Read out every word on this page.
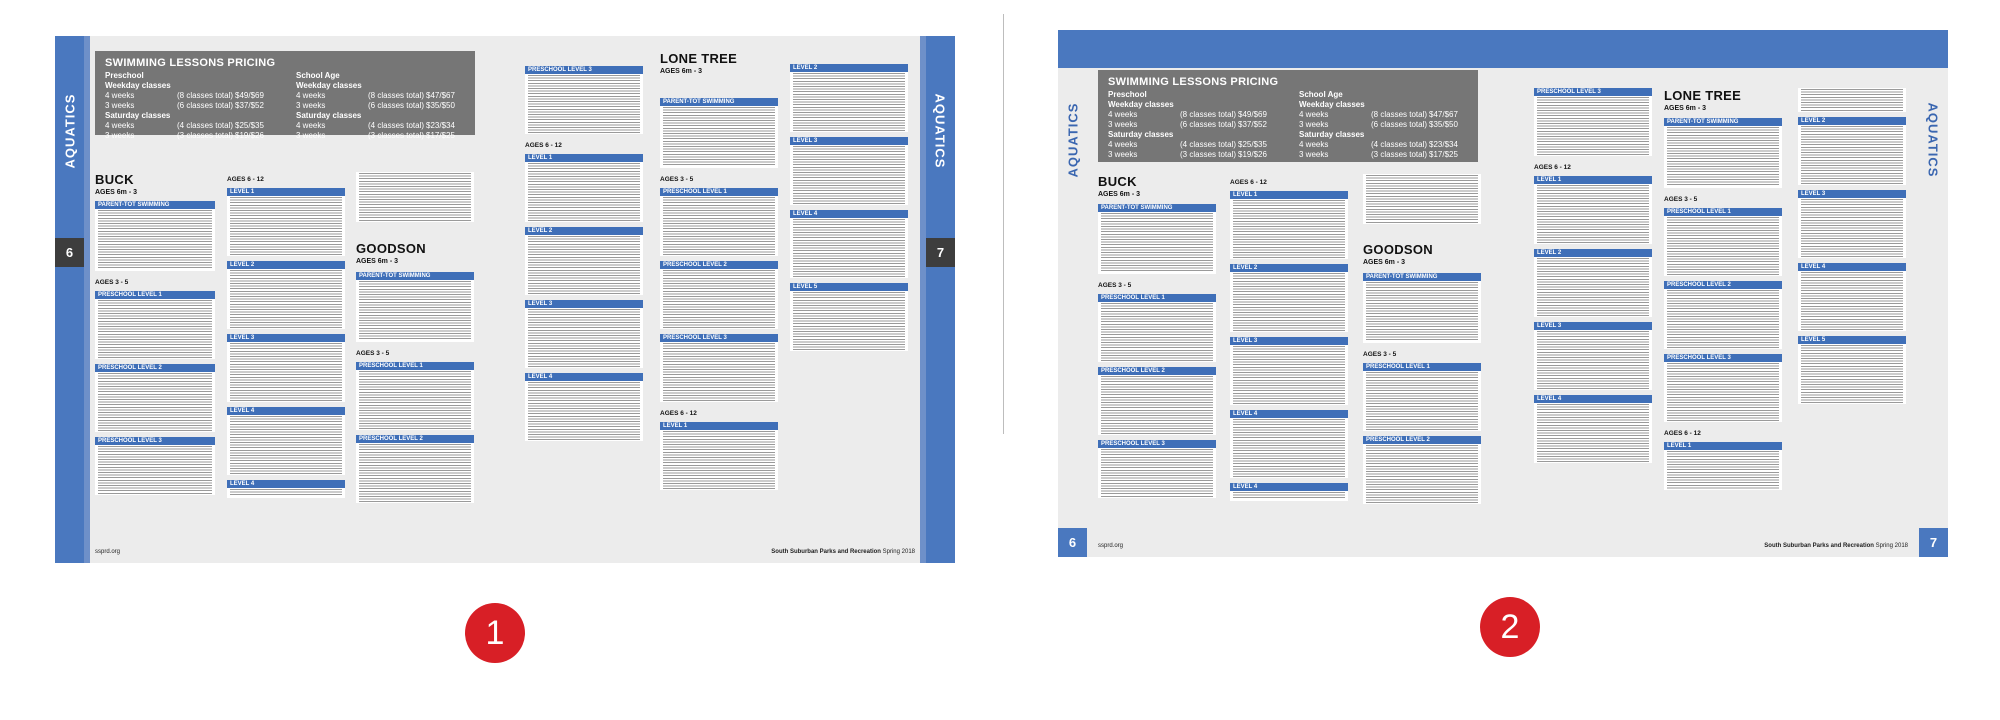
AQUATICS
6
AQUATICS
7
SWIMMING LESSONS PRICING
Preschool
Weekday classes
4 weeks	(8 classes total) $49/$69
3 weeks	(6 classes total) $37/$52
Saturday classes
4 weeks	(4 classes total) $25/$35
3 weeks	(3 classes total) $19/$26
School Age
Weekday classes
4 weeks	(8 classes total) $47/$67
3 weeks	(6 classes total) $35/$50
Saturday classes
4 weeks	(4 classes total) $23/$34
3 weeks	(3 classes total) $17/$25
BUCK
AGES 6m - 3
GOODSON
AGES 6m - 3
LONE TREE
AGES 6m - 3
PARENT-TOT SWIMMING
AGES 3 - 5
PRESCHOOL LEVEL 1
PRESCHOOL LEVEL 2
PRESCHOOL LEVEL 3
AGES 6 - 12
LEVEL 1
LEVEL 2
LEVEL 3
LEVEL 4
LEVEL 4
PARENT-TOT SWIMMING
AGES 3 - 5
PRESCHOOL LEVEL 1
PRESCHOOL LEVEL 2
PRESCHOOL LEVEL 3
AGES 6 - 12
LEVEL 1
LEVEL 2
LEVEL 3
LEVEL 4
PARENT-TOT SWIMMING
AGES 3 - 5
PRESCHOOL LEVEL 1
PRESCHOOL LEVEL 2
PRESCHOOL LEVEL 3
AGES 6 - 12
LEVEL 1
LEVEL 2
LEVEL 3
LEVEL 4
LEVEL 5
ssprd.org	South Suburban Parks and Recreation Spring 2018
AQUATICS	AQUATICS
6	7
SWIMMING LESSONS PRICING
Preschool
Weekday classes
4 weeks	(8 classes total) $49/$69
3 weeks	(6 classes total) $37/$52
Saturday classes
4 weeks	(4 classes total) $25/$35
3 weeks	(3 classes total) $19/$26
School Age
Weekday classes
4 weeks	(8 classes total) $47/$67
3 weeks	(6 classes total) $35/$50
Saturday classes
4 weeks	(4 classes total) $23/$34
3 weeks	(3 classes total) $17/$25
BUCK
AGES 6m - 3
GOODSON
AGES 6m - 3
LONE TREE
AGES 6m - 3
PARENT-TOT SWIMMING
AGES 3 - 5
PRESCHOOL LEVEL 1
PRESCHOOL LEVEL 2
PRESCHOOL LEVEL 3
AGES 6 - 12
LEVEL 1
LEVEL 2
LEVEL 3
LEVEL 4
LEVEL 4
PARENT-TOT SWIMMING
AGES 3 - 5
PRESCHOOL LEVEL 1
PRESCHOOL LEVEL 2
PRESCHOOL LEVEL 3
AGES 6 - 12
LEVEL 1
LEVEL 2
LEVEL 3
LEVEL 4
PARENT-TOT SWIMMING
AGES 3 - 5
PRESCHOOL LEVEL 1
PRESCHOOL LEVEL 2
PRESCHOOL LEVEL 3
AGES 6 - 12
LEVEL 1
LEVEL 2
LEVEL 3
LEVEL 4
LEVEL 5
ssprd.org	South Suburban Parks and Recreation Spring 2018
1	2
